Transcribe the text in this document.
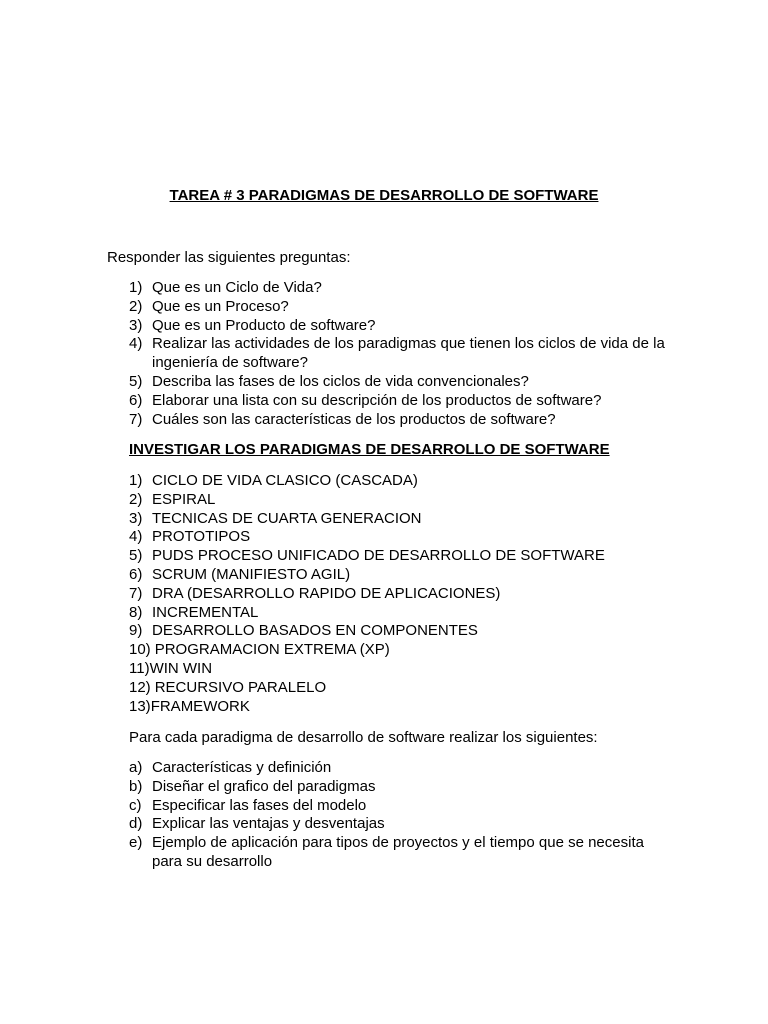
TAREA # 3 PARADIGMAS DE DESARROLLO DE SOFTWARE
Responder las siguientes preguntas:
1) Que es un Ciclo de Vida?
2) Que es un Proceso?
3) Que es un Producto de software?
4) Realizar las actividades de los paradigmas que tienen los ciclos de vida de la ingeniería de software?
5) Describa las fases de los ciclos de vida convencionales?
6) Elaborar una lista con su descripción de los productos de software?
7) Cuáles son las características de los productos de software?
INVESTIGAR LOS PARADIGMAS DE DESARROLLO DE SOFTWARE
1) CICLO DE VIDA CLASICO (CASCADA)
2) ESPIRAL
3) TECNICAS DE CUARTA GENERACION
4) PROTOTIPOS
5) PUDS PROCESO UNIFICADO DE DESARROLLO DE SOFTWARE
6) SCRUM (MANIFIESTO AGIL)
7) DRA (DESARROLLO RAPIDO DE APLICACIONES)
8) INCREMENTAL
9) DESARROLLO BASADOS EN COMPONENTES
10) PROGRAMACION EXTREMA (XP)
11) WIN WIN
12) RECURSIVO PARALELO
13) FRAMEWORK
Para cada paradigma de desarrollo de software realizar los siguientes:
a) Características y definición
b) Diseñar el grafico del paradigmas
c) Especificar las fases del modelo
d) Explicar las ventajas y desventajas
e) Ejemplo de aplicación para tipos de proyectos y el tiempo que se necesita para su desarrollo
